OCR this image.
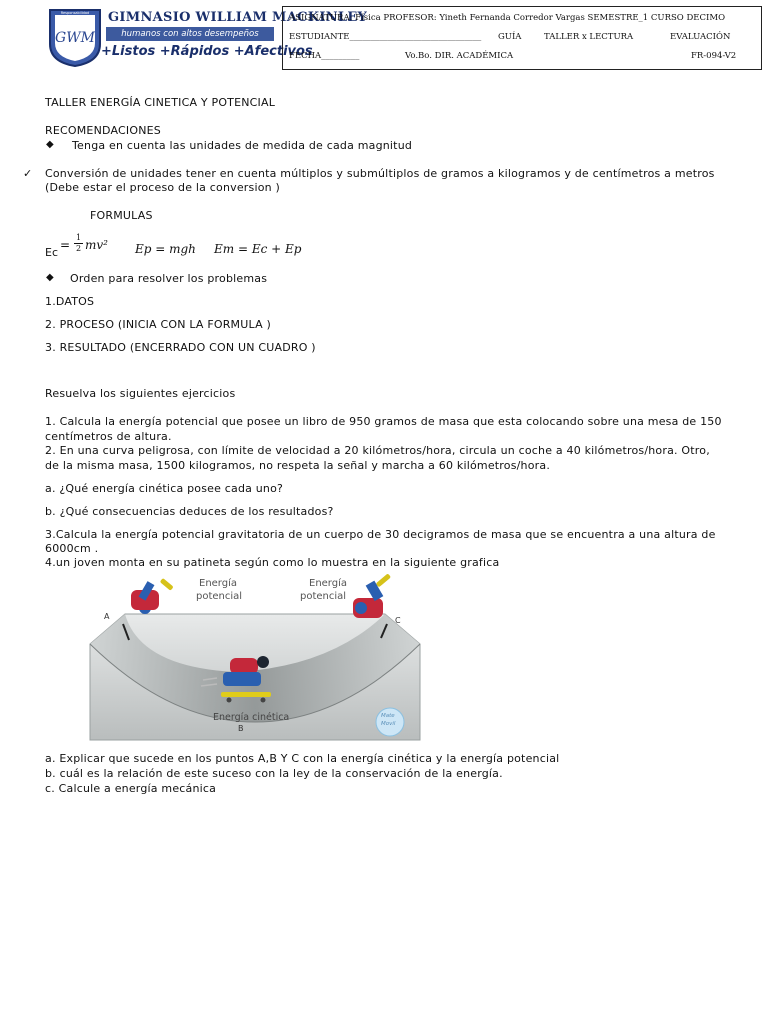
Responsabilidad
GWM
GIMNASIO WILLIAM MACKINLEY
humanos con altos desempeños
+Listos +Rápidos +Afectivos
ASIGNATURA: Física PROFESOR: Yineth Fernanda Corredor Vargas SEMESTRE_1 CURSO DECIMO
ESTUDIANTE_______________________________ GUÍA	TALLER x LECTURA	EVALUACIÓN
FECHA_________	Vo.Bo. DIR. ACADÉMICA	FR-094-V2
TALLER ENERGÍA CINETICA Y POTENCIAL
RECOMENDACIONES
◆ Tenga en cuenta las unidades de medida de cada magnitud
✓ Conversión de unidades tener en cuenta múltiplos y submúltiplos de gramos a kilogramos y de centímetros a metros
(Debe estar el proceso de la conversion )
FORMULAS
Ec
=
1
2 mv² Ep = mgh Em = Ec + Ep
◆ Orden para resolver los problemas
1.DATOS
2. PROCESO (INICIA CON LA FORMULA )
3. RESULTADO (ENCERRADO CON UN CUADRO )
Resuelva los siguientes ejercicios
1. Calcula la energía potencial que posee un libro de 950 gramos de masa que esta colocando sobre una mesa de 150
centímetros de altura.
2. En una curva peligrosa, con límite de velocidad a 20 kilómetros/hora, circula un coche a 40 kilómetros/hora. Otro,
de la misma masa, 1500 kilogramos, no respeta la señal y marcha a 60 kilómetros/hora.
a. ¿Qué energía cinética posee cada uno?
b. ¿Qué consecuencias deduces de los resultados?
3.Calcula la energía potencial gravitatoria de un cuerpo de 30 decigramos de masa que se encuentra a una altura de
6000cm .
4.un joven monta en su patineta según como lo muestra en la siguiente grafica
Energía
potencial
Energía
potencial
Energía cinética
A
B
C
Mate
Movil
a. Explicar que sucede en los puntos A,B Y C con la energía cinética y la energía potencial
b. cuál es la relación de este suceso con la ley de la conservación de la energía.
c. Calcule a energía mecánica
